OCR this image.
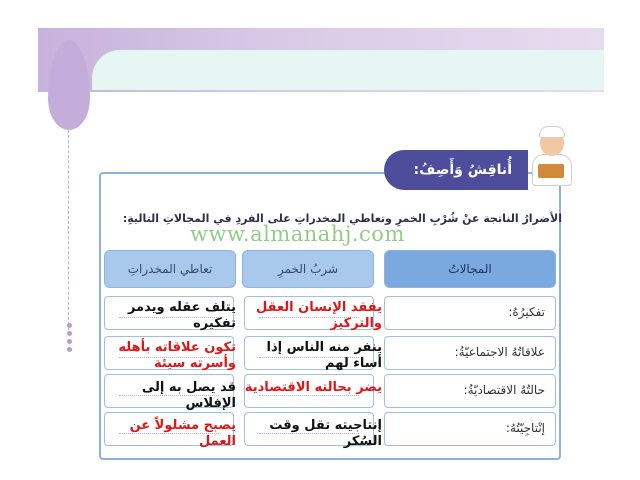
أُناقِشُ وَأَصِفُ:
الأضرارُ الناتجة عنْ شُرْبِ الخمرِ وتعاطي المخدراتِ على الفردِ في المجالاتِ التاليةِ:
www.almanahj.com
المجالاتُ
شربُ الخمرِ
تعاطي المخدراتِ
تفكيرُهُ:
يفقد الإنسان العقل والتركيز
يتلف عقله ويدمر تفكيره
علاقاتُهُ الاجتماعيّةُ:
ينفر منه الناس إذا أساء لهم
تكون علاقاته بأهله وأسرته سيئة
حالتُهُ الاقتصاديّةُ:
يضر بحالته الاقتصادية
قد يصل به إلى الإفلاس
إنْتاجِيّتُهُ:
إنتاجيته تقل وقت السُكر
يصبح مشلولاً عن العمل
